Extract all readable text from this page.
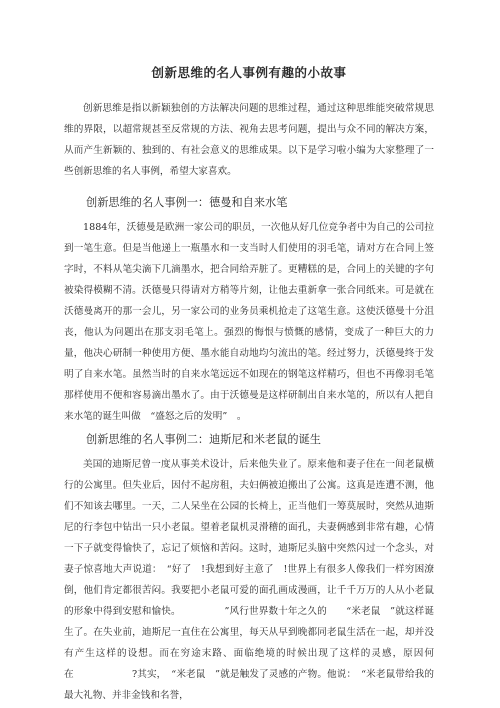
创新思维的名人事例有趣的小故事

创新思维是指以新颖独创的方法解决问题的思维过程，通过这种思维能突破常规思维的界限，以超常规甚至反常规的方法、视角去思考问题，提出与众不同的解决方案，从而产生新颖的、独到的、有社会意义的思维成果。以下是学习啦小编为大家整理了一些创新思维的名人事例，希望大家喜欢。

创新思维的名人事例一：德曼和自来水笔

1884年，沃德曼是欧洲一家公司的职员，一次他从好几位竞争者中为自己的公司拉到一笔生意。但是当他递上一瓶墨水和一支当时人们使用的羽毛笔，请对方在合同上签字时，不料从笔尖滴下几滴墨水，把合同给弄脏了。更糟糕的是，合同上的关键的字句被染得模糊不清。沃德曼只得请对方稍等片刻，让他去重新拿一张合同纸来。可是就在沃德曼离开的那一会儿，另一家公司的业务员乘机抢走了这笔生意。这使沃德曼十分沮丧，他认为问题出在那支羽毛笔上。强烈的悔恨与愤慨的感情，变成了一种巨大的力量，他决心研制一种使用方便、墨水能自动地均匀流出的笔。经过努力，沃德曼终于发明了自来水笔。虽然当时的自来水笔远远不如现在的钢笔这样精巧，但也不再像羽毛笔那样使用不便和容易滴出墨水了。由于沃德曼是这样研制出自来水笔的，所以有人把自来水笔的诞生叫做　“盛怒之后的发明”　。

创新思维的名人事例二：迪斯尼和米老鼠的诞生

美国的迪斯尼曾一度从事美术设计，后来他失业了。原来他和妻子住在一间老鼠横行的公寓里。但失业后，因付不起房租，夫妇俩被迫搬出了公寓。这真是连遭不测，他们不知该去哪里。一天，二人呆坐在公园的长椅上，正当他们一筹莫展时，突然从迪斯尼的行李包中钻出一只小老鼠。望着老鼠机灵滑稽的面孔，夫妻俩感到非常有趣，心情一下子就变得愉快了，忘记了烦恼和苦闷。这时，迪斯尼头脑中突然闪过一个念头，对妻子惊喜地大声说道：　“好了　!我想到好主意了　!世界上有很多人像我们一样穷困潦倒，他们肯定都很苦闷。我要把小老鼠可爱的面孔画成漫画，让千千万万的人从小老鼠的形象中得到安慰和愉快。　　　　　”风行世界数十年之久的　　“米老鼠　”就这样诞生了。在失业前，迪斯尼一直住在公寓里，每天从早到晚都同老鼠生活在一起，却并没有产生这样的设想。而在穷途末路、面临绝境的时候出现了这样的灵感，原因何在　　　　　　?其实，　“米老鼠　”就是触发了灵感的产物。他说：　“米老鼠带给我的最大礼物、并非金钱和名誉，
